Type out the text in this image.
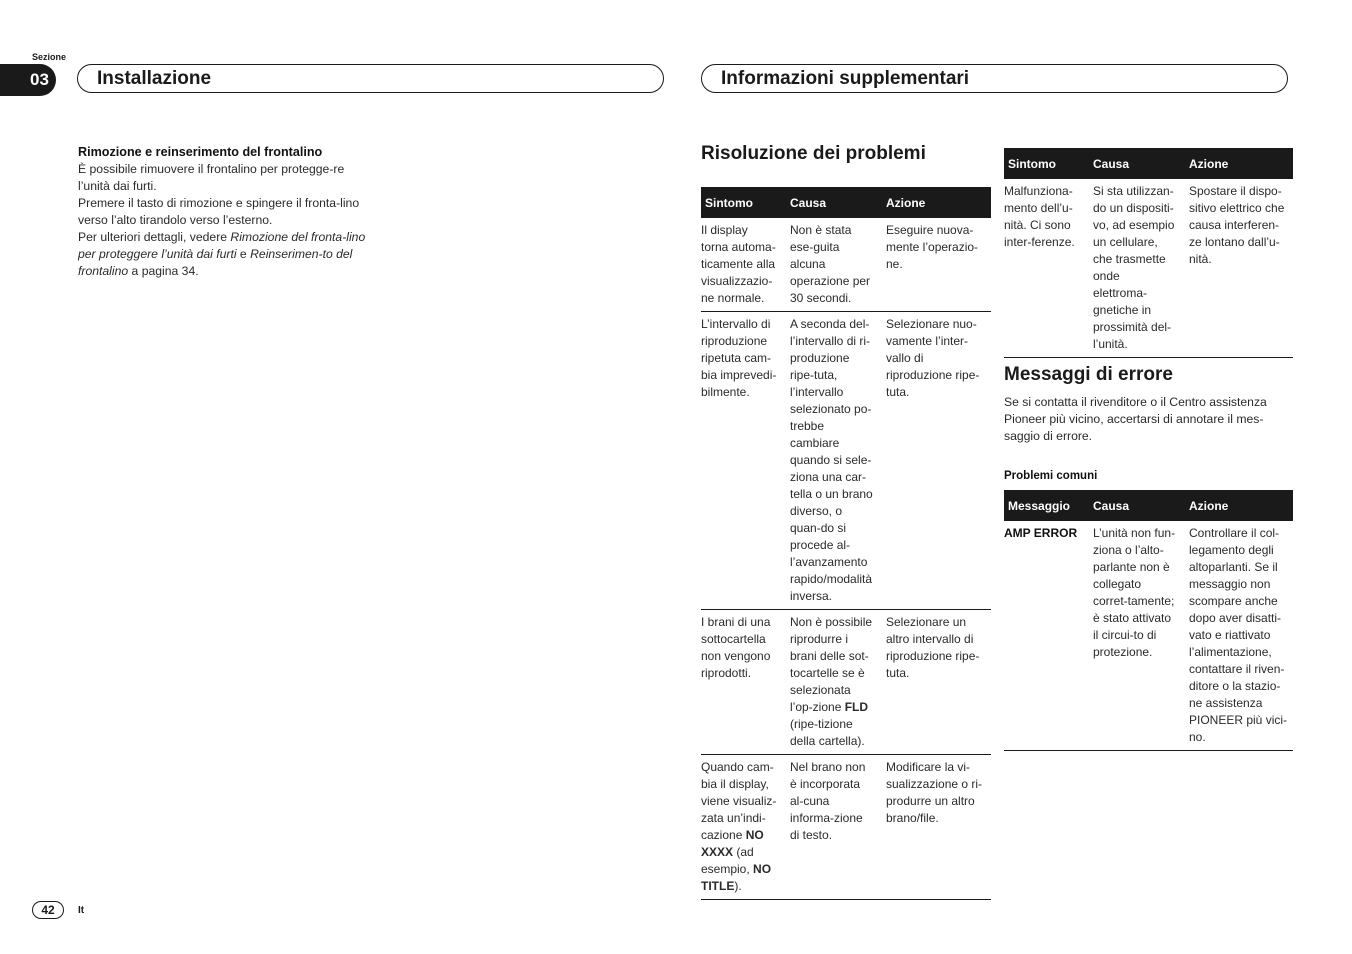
Sezione
03	Installazione	Informazioni supplementari
Rimozione e reinserimento del frontalino
È possibile rimuovere il frontalino per protegge-re l’unità dai furti.
Premere il tasto di rimozione e spingere il fronta-lino verso l’alto tirandolo verso l’esterno.
Per ulteriori dettagli, vedere Rimozione del fronta-lino per proteggere l’unità dai furti e Reinserimen-to del frontalino a pagina 34.
Risoluzione dei problemi
Sintomo	Causa	Azione
Il display torna automa-ticamente alla visualizzazio-ne normale.	Non è stata ese-guita alcuna operazione per 30 secondi.	Eseguire nuova-mente l’operazio-ne.
L’intervallo di riproduzione ripetuta cam-bia imprevedi-bilmente.	A seconda del-l’intervallo di ri-produzione ripe-tuta, l’intervallo selezionato po-trebbe cambiare quando si sele-ziona una car-tella o un brano diverso, o quan-do si procede al-l’avanzamento rapido/modalità inversa.	Selezionare nuo-vamente l’inter-vallo di riproduzione ripe-tuta.
I brani di una sottocartella non vengono riprodotti.	Non è possibile riprodurre i brani delle sot-tocartelle se è selezionata l’op-zione FLD (ripe-tizione della cartella).	Selezionare un altro intervallo di riproduzione ripe-tuta.
Quando cam-bia il display, viene visualiz-zata un’indi-cazione NO XXXX (ad esempio, NO TITLE).	Nel brano non è incorporata al-cuna informa-zione di testo.	Modificare la vi-sualizzazione o ri-produrre un altro brano/file.
Sintomo	Causa	Azione
Malfunziona-mento dell’u-nità. Ci sono inter-ferenze.	Si sta utilizzan-do un dispositi-vo, ad esempio un cellulare, che trasmette onde elettroma-gnetiche in prossimità del-l’unità.	Spostare il dispo-sitivo elettrico che causa interferen-ze lontano dall’u-nità.
Messaggi di errore
Se si contatta il rivenditore o il Centro assistenza Pioneer più vicino, accertarsi di annotare il mes-saggio di errore.
Problemi comuni
Messaggio	Causa	Azione
AMP ERROR	L’unità non fun-ziona o l’alto-parlante non è collegato corret-tamente; è stato attivato il circui-to di protezione.	Controllare il col-legamento degli altoparlanti. Se il messaggio non scompare anche dopo aver disatti-vato e riattivato l’alimentazione, contattare il riven-ditore o la stazio-ne assistenza PIONEER più vici-no.
42	It
